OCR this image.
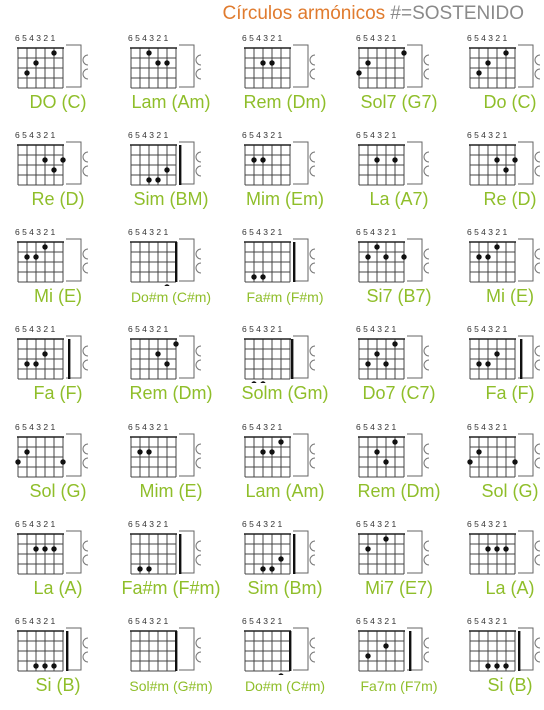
Círculos armónicos #=SOSTENIDO
6 5 4 3 2 1
DO (C)
6 5 4 3 2 1
Lam (Am)
6 5 4 3 2 1
Rem (Dm)
6 5 4 3 2 1
Sol7 (G7)
6 5 4 3 2 1
Do (C)
6 5 4 3 2 1
Re (D)
6 5 4 3 2 1
Sim (BM)
6 5 4 3 2 1
Mim (Em)
6 5 4 3 2 1
La (A7)
6 5 4 3 2 1
Re (D)
6 5 4 3 2 1
Mi (E)
6 5 4 3 2 1
Do#m (C#m)
6 5 4 3 2 1
Fa#m (F#m)
6 5 4 3 2 1
Si7 (B7)
6 5 4 3 2 1
Mi (E)
6 5 4 3 2 1
Fa (F)
6 5 4 3 2 1
Rem (Dm)
6 5 4 3 2 1
Solm (Gm)
6 5 4 3 2 1
Do7 (C7)
6 5 4 3 2 1
Fa (F)
6 5 4 3 2 1
Sol (G)
6 5 4 3 2 1
Mim (E)
6 5 4 3 2 1
Lam (Am)
6 5 4 3 2 1
Rem (Dm)
6 5 4 3 2 1
Sol (G)
6 5 4 3 2 1
La (A)
6 5 4 3 2 1
Fa#m (F#m)
6 5 4 3 2 1
Sim (Bm)
6 5 4 3 2 1
Mi7 (E7)
6 5 4 3 2 1
La (A)
6 5 4 3 2 1
Si (B)
6 5 4 3 2 1
Sol#m (G#m)
6 5 4 3 2 1
Do#m (C#m)
6 5 4 3 2 1
Fa7m (F7m)
6 5 4 3 2 1
Si (B)
